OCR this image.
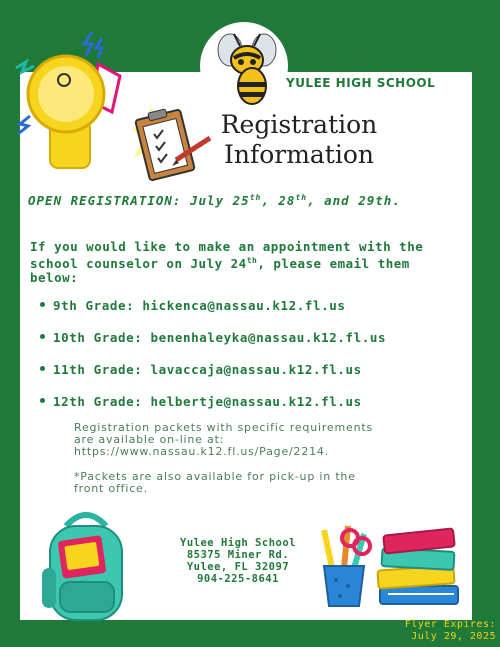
YULEE HIGH SCHOOL
Registration
Information
OPEN REGISTRATION: July 25th, 28th, and 29th.
If you would like to make an appointment with the school counselor on July 24th, please email them below:
9th Grade: hickenca@nassau.k12.fl.us
10th Grade: benenhaleyka@nassau.k12.fl.us
11th Grade: lavaccaja@nassau.k12.fl.us
12th Grade: helbertje@nassau.k12.fl.us
Registration packets with specific requirements
are available on-line at:
https://www.nassau.k12.fl.us/Page/2214.
*Packets are also available for pick-up in the
front office.
Yulee High School
85375 Miner Rd.
Yulee, FL 32097
904-225-8641
Flyer Expires:
July 29, 2025
